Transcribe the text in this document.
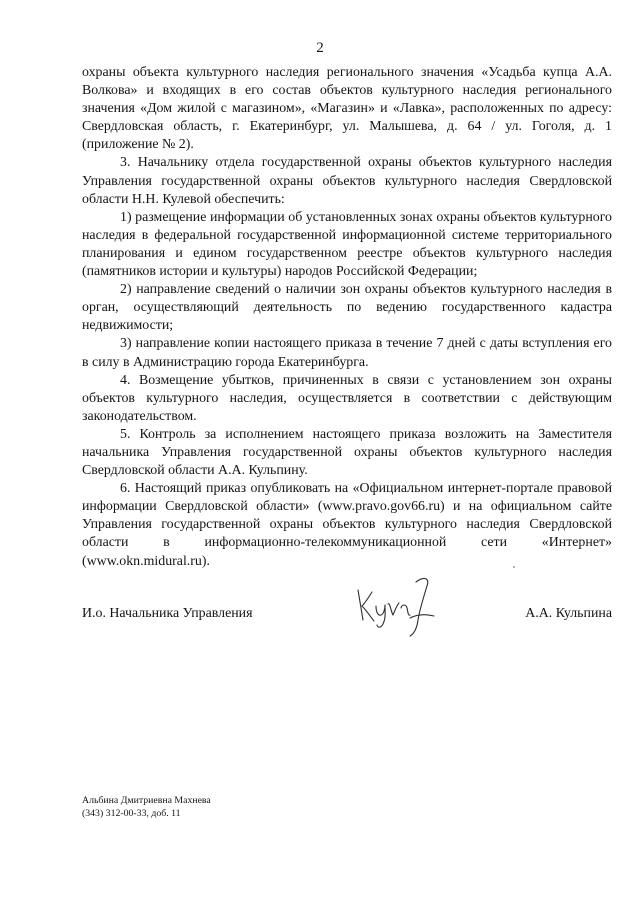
2

охраны объекта культурного наследия регионального значения «Усадьба купца А.А. Волкова» и входящих в его состав объектов культурного наследия регионального значения «Дом жилой с магазином», «Магазин» и «Лавка», расположенных по адресу: Свердловская область, г. Екатеринбург, ул. Малышева, д. 64 / ул. Гоголя, д. 1 (приложение № 2).

3. Начальнику отдела государственной охраны объектов культурного наследия Управления государственной охраны объектов культурного наследия Свердловской области Н.Н. Кулевой обеспечить:

1) размещение информации об установленных зонах охраны объектов культурного наследия в федеральной государственной информационной системе территориального планирования и едином государственном реестре объектов культурного наследия (памятников истории и культуры) народов Российской Федерации;

2) направление сведений о наличии зон охраны объектов культурного наследия в орган, осуществляющий деятельность по ведению государственного кадастра недвижимости;

3) направление копии настоящего приказа в течение 7 дней с даты вступления его в силу в Администрацию города Екатеринбурга.

4. Возмещение убытков, причиненных в связи с установлением зон охраны объектов культурного наследия, осуществляется в соответствии с действующим законодательством.

5. Контроль за исполнением настоящего приказа возложить на Заместителя начальника Управления государственной охраны объектов культурного наследия Свердловской области А.А. Кульпину.

6. Настоящий приказ опубликовать на «Официальном интернет-портале правовой информации Свердловской области» (www.pravo.gov66.ru) и на официальном сайте Управления государственной охраны объектов культурного наследия Свердловской области в информационно-телекоммуникационной сети «Интернет» (www.okn.midural.ru).

И.о. Начальника Управления	А.А. Кульпина
Альбина Дмитриевна Махнева
(343) 312-00-33, доб. 11
